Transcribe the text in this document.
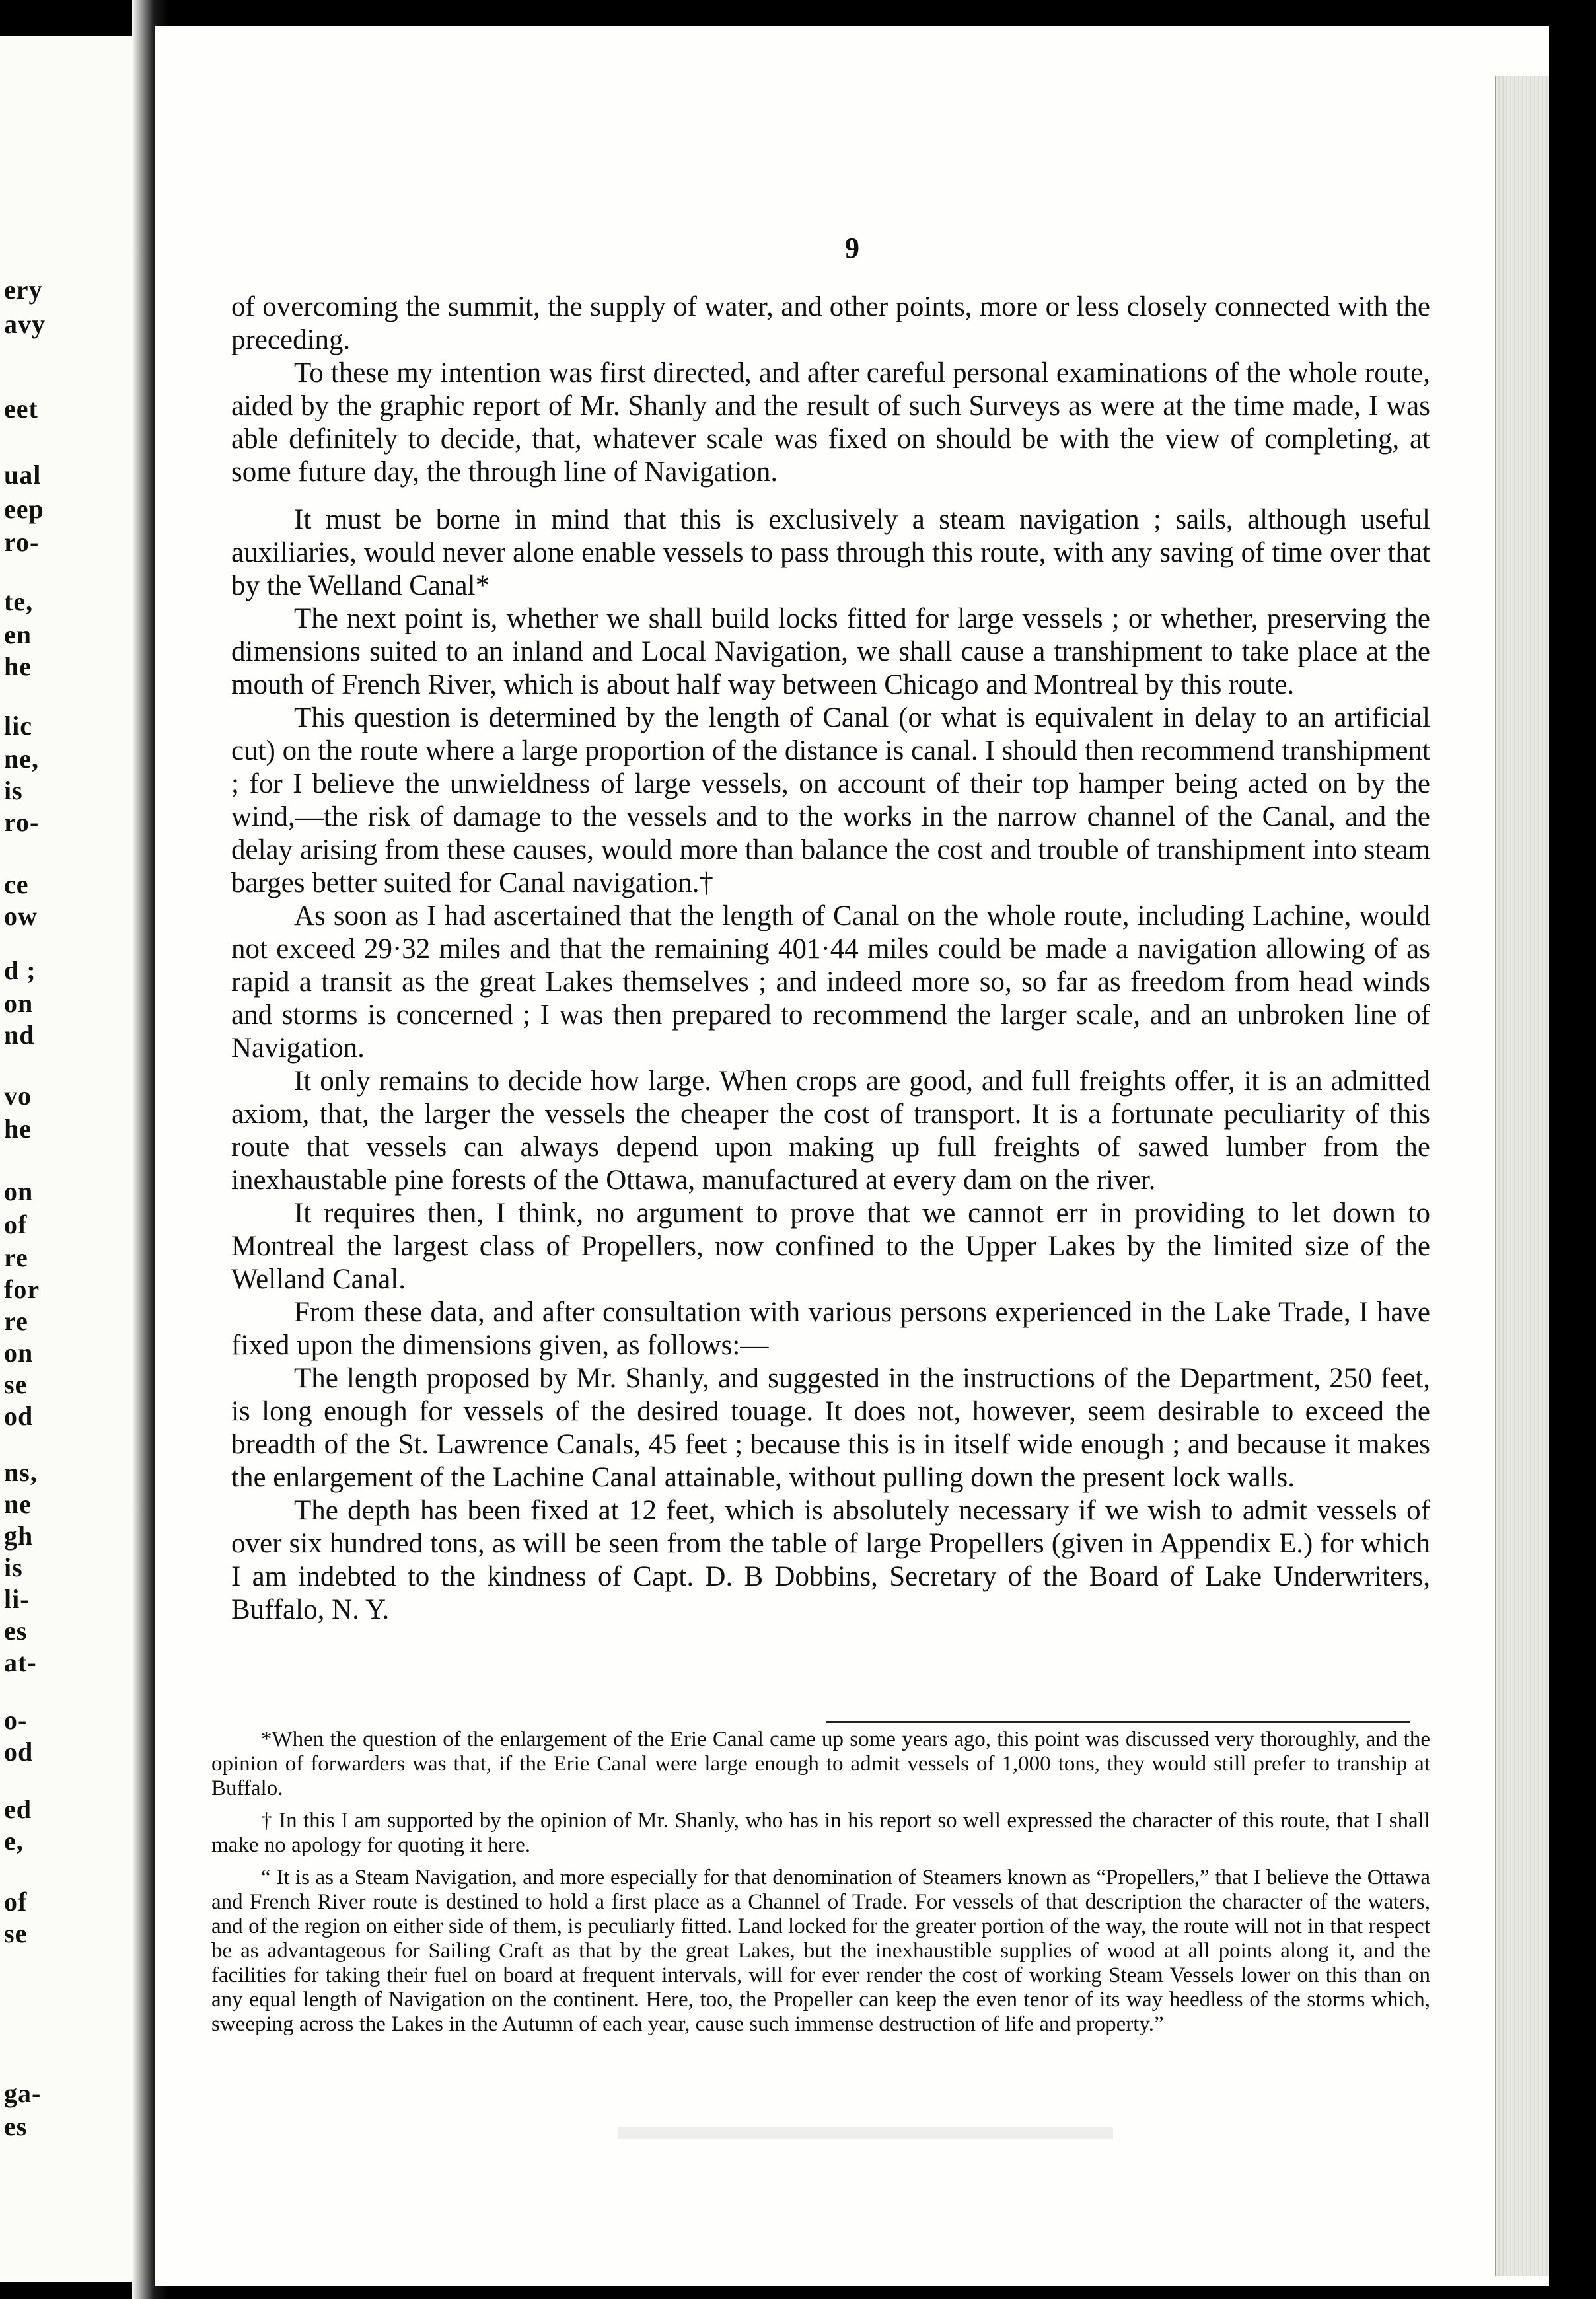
ery
avy
eet
ual
eep
ro-
te,
en
he
lic
ne,
is
ro-
ce
ow
d ;
on
nd
vo
he
on
of
re
for
re
on
se
od
ns,
ne
gh
is
li-
es
at-
o-
od
ed
e,
of
se
ga-
es
9

of overcoming the summit, the supply of water, and other points, more or less closely connected with the preceding.

To these my intention was first directed, and after careful personal examinations of the whole route, aided by the graphic report of Mr. Shanly and the result of such Surveys as were at the time made, I was able definitely to decide, that, whatever scale was fixed on should be with the view of completing, at some future day, the through line of Navigation.

It must be borne in mind that this is exclusively a steam navigation ; sails, although useful auxiliaries, would never alone enable vessels to pass through this route, with any saving of time over that by the Welland Canal*

The next point is, whether we shall build locks fitted for large vessels ; or whether, preserving the dimensions suited to an inland and Local Navigation, we shall cause a transhipment to take place at the mouth of French River, which is about half way between Chicago and Montreal by this route.

This question is determined by the length of Canal (or what is equivalent in delay to an artificial cut) on the route where a large proportion of the distance is canal. I should then recommend transhipment ; for I believe the unwieldness of large vessels, on account of their top hamper being acted on by the wind,—the risk of damage to the vessels and to the works in the narrow channel of the Canal, and the delay arising from these causes, would more than balance the cost and trouble of transhipment into steam barges better suited for Canal navigation.†

As soon as I had ascertained that the length of Canal on the whole route, including Lachine, would not exceed 29·32 miles and that the remaining 401·44 miles could be made a navigation allowing of as rapid a transit as the great Lakes themselves ; and indeed more so, so far as freedom from head winds and storms is concerned ; I was then prepared to recommend the larger scale, and an unbroken line of Navigation.

It only remains to decide how large. When crops are good, and full freights offer, it is an admitted axiom, that, the larger the vessels the cheaper the cost of transport. It is a fortunate peculiarity of this route that vessels can always depend upon making up full freights of sawed lumber from the inexhaustable pine forests of the Ottawa, manufactured at every dam on the river.

It requires then, I think, no argument to prove that we cannot err in providing to let down to Montreal the largest class of Propellers, now confined to the Upper Lakes by the limited size of the Welland Canal.

From these data, and after consultation with various persons experienced in the Lake Trade, I have fixed upon the dimensions given, as follows:—

The length proposed by Mr. Shanly, and suggested in the instructions of the Department, 250 feet, is long enough for vessels of the desired touage. It does not, however, seem desirable to exceed the breadth of the St. Lawrence Canals, 45 feet ; because this is in itself wide enough ; and because it makes the enlargement of the Lachine Canal attainable, without pulling down the present lock walls.

The depth has been fixed at 12 feet, which is absolutely necessary if we wish to admit vessels of over six hundred tons, as will be seen from the table of large Propellers (given in Appendix E.) for which I am indebted to the kindness of Capt. D. B Dobbins, Secretary of the Board of Lake Underwriters, Buffalo, N. Y.

*When the question of the enlargement of the Erie Canal came up some years ago, this point was discussed very thoroughly, and the opinion of forwarders was that, if the Erie Canal were large enough to admit vessels of 1,000 tons, they would still prefer to tranship at Buffalo.

† In this I am supported by the opinion of Mr. Shanly, who has in his report so well expressed the character of this route, that I shall make no apology for quoting it here.

“ It is as a Steam Navigation, and more especially for that denomination of Steamers known as “Propellers,” that I believe the Ottawa and French River route is destined to hold a first place as a Channel of Trade. For vessels of that description the character of the waters, and of the region on either side of them, is peculiarly fitted. Land locked for the greater portion of the way, the route will not in that respect be as advantageous for Sailing Craft as that by the great Lakes, but the inexhaustible supplies of wood at all points along it, and the facilities for taking their fuel on board at frequent intervals, will for ever render the cost of working Steam Vessels lower on this than on any equal length of Navigation on the continent. Here, too, the Propeller can keep the even tenor of its way heedless of the storms which, sweeping across the Lakes in the Autumn of each year, cause such immense destruction of life and property.”
